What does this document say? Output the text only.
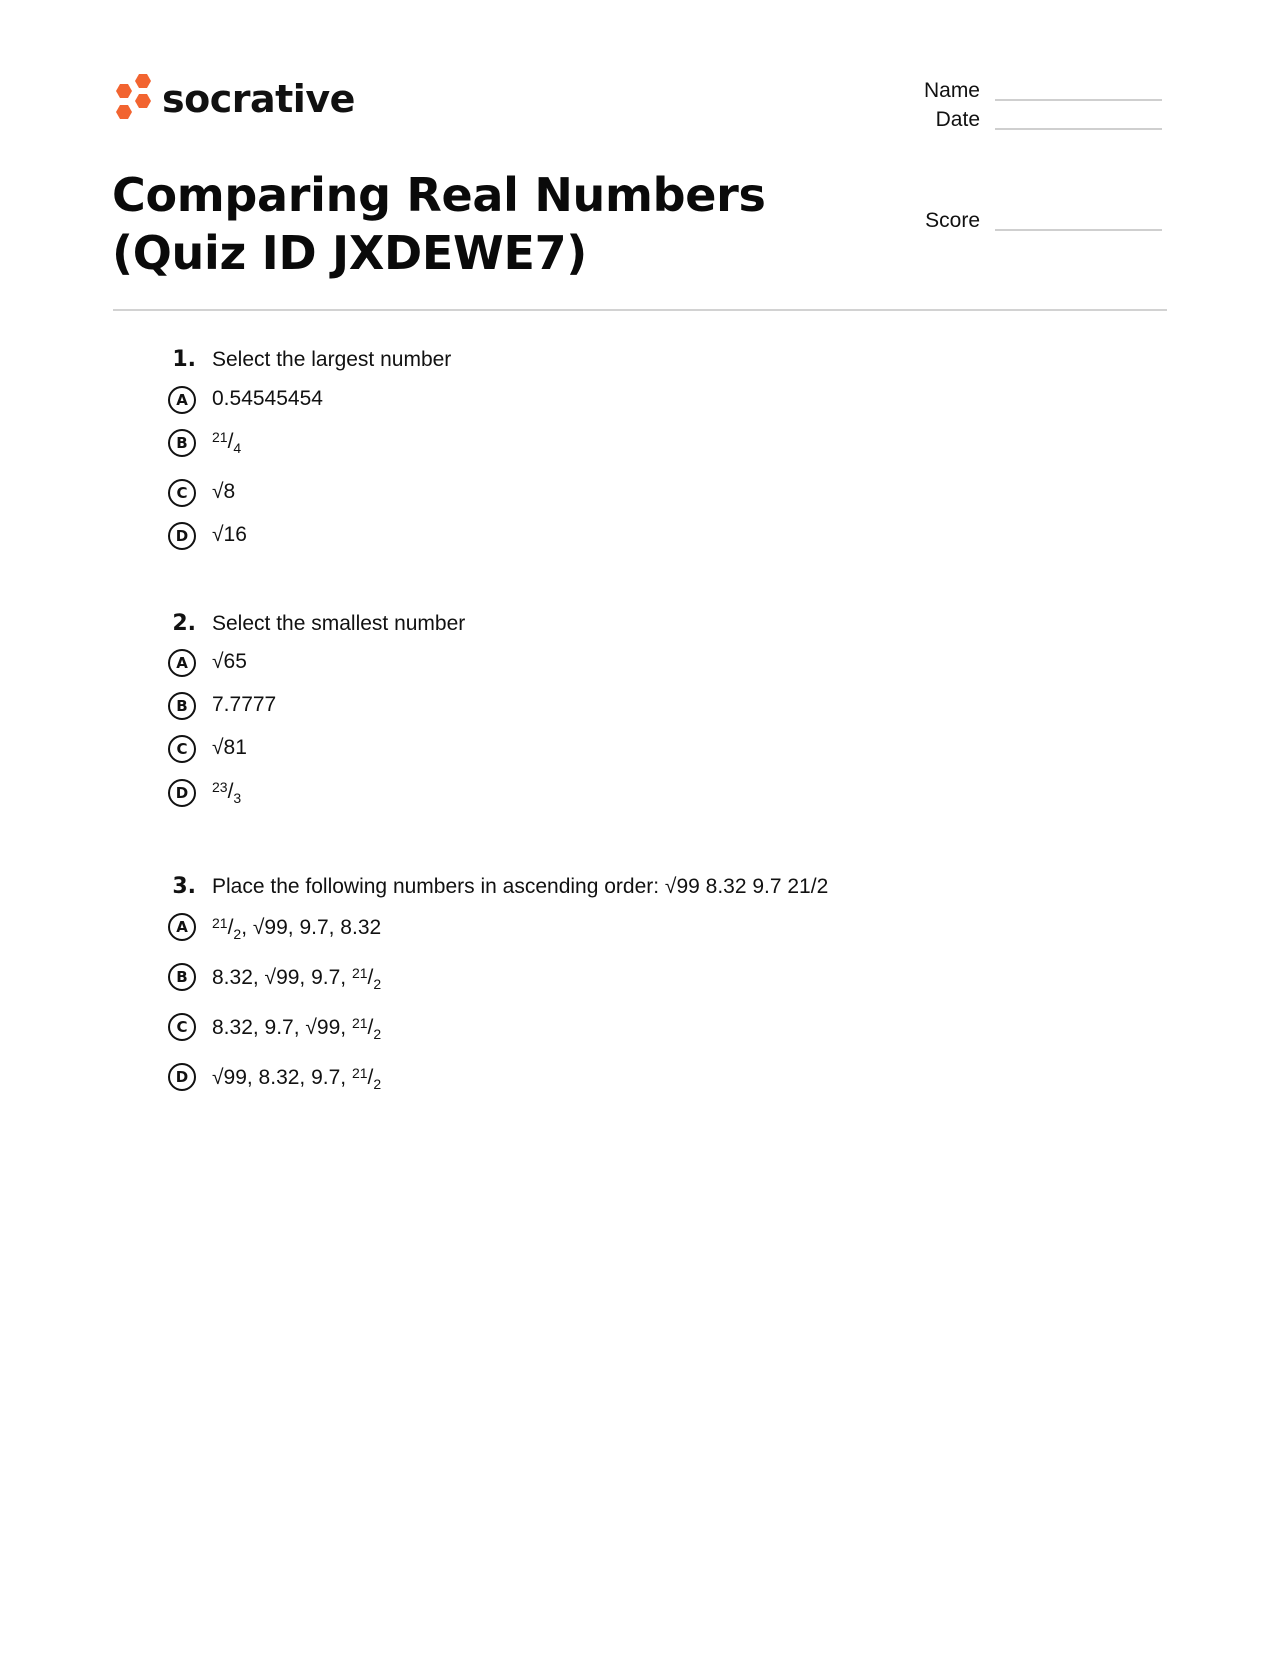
socrative
Comparing Real Numbers (Quiz ID JXDEWE7)
Name
Date
Score
1. Select the largest number
A	0.54545454
B	$^{21}/_4$
C	√8
D	√16
2. Select the smallest number
A	√65
B	7.7777
C	√81
D	$^{23}/_3$
3. Place the following numbers in ascending order: √99 8.32 9.7 21/2
A	$^{21}/_2$, √99, 9.7, 8.32
B	8.32, √99, 9.7, $^{21}/_2$
C	8.32, 9.7, √99, $^{21}/_2$
D	√99, 8.32, 9.7, $^{21}/_2$
